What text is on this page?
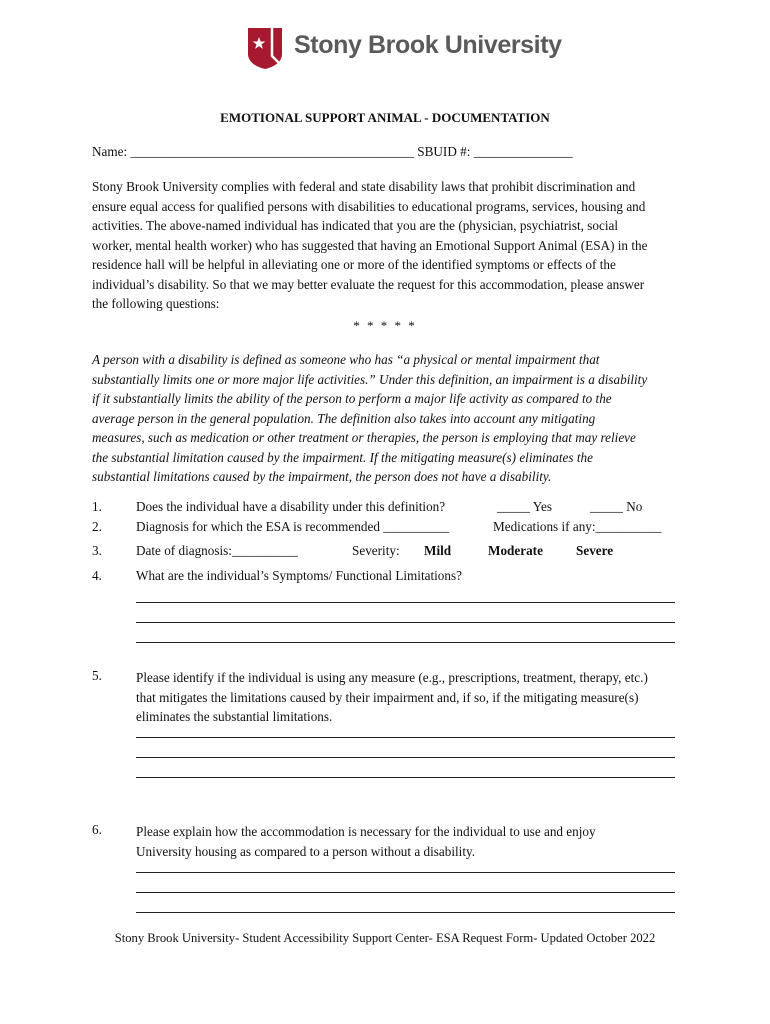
Stony Brook University
EMOTIONAL SUPPORT ANIMAL - DOCUMENTATION
Name: ___________________________________________ SBUID #: _______________
Stony Brook University complies with federal and state disability laws that prohibit discrimination and
ensure equal access for qualified persons with disabilities to educational programs, services, housing and
activities. The above-named individual has indicated that you are the (physician, psychiatrist, social
worker, mental health worker) who has suggested that having an Emotional Support Animal (ESA) in the
residence hall will be helpful in alleviating one or more of the identified symptoms or effects of the
individual’s disability. So that we may better evaluate the request for this accommodation, please answer
the following questions:
* * * * *
A person with a disability is defined as someone who has “a physical or mental impairment that
substantially limits one or more major life activities.” Under this definition, an impairment is a disability
if it substantially limits the ability of the person to perform a major life activity as compared to the
average person in the general population. The definition also takes into account any mitigating
measures, such as medication or other treatment or therapies, the person is employing that may relieve
the substantial limitation caused by the impairment. If the mitigating measure(s) eliminates the
substantial limitations caused by the impairment, the person does not have a disability.
1.	Does the individual have a disability under this definition?	_____ Yes	_____ No
2.	Diagnosis for which the ESA is recommended __________	Medications if any:__________
3.	Date of diagnosis:__________	Severity: Mild	Moderate	Severe
4.	What are the individual’s Symptoms/ Functional Limitations?
5.	Please identify if the individual is using any measure (e.g., prescriptions, treatment, therapy, etc.)
that mitigates the limitations caused by their impairment and, if so, if the mitigating measure(s)
eliminates the substantial limitations.
6.	Please explain how the accommodation is necessary for the individual to use and enjoy
University housing as compared to a person without a disability.
Stony Brook University- Student Accessibility Support Center- ESA Request Form- Updated October 2022
